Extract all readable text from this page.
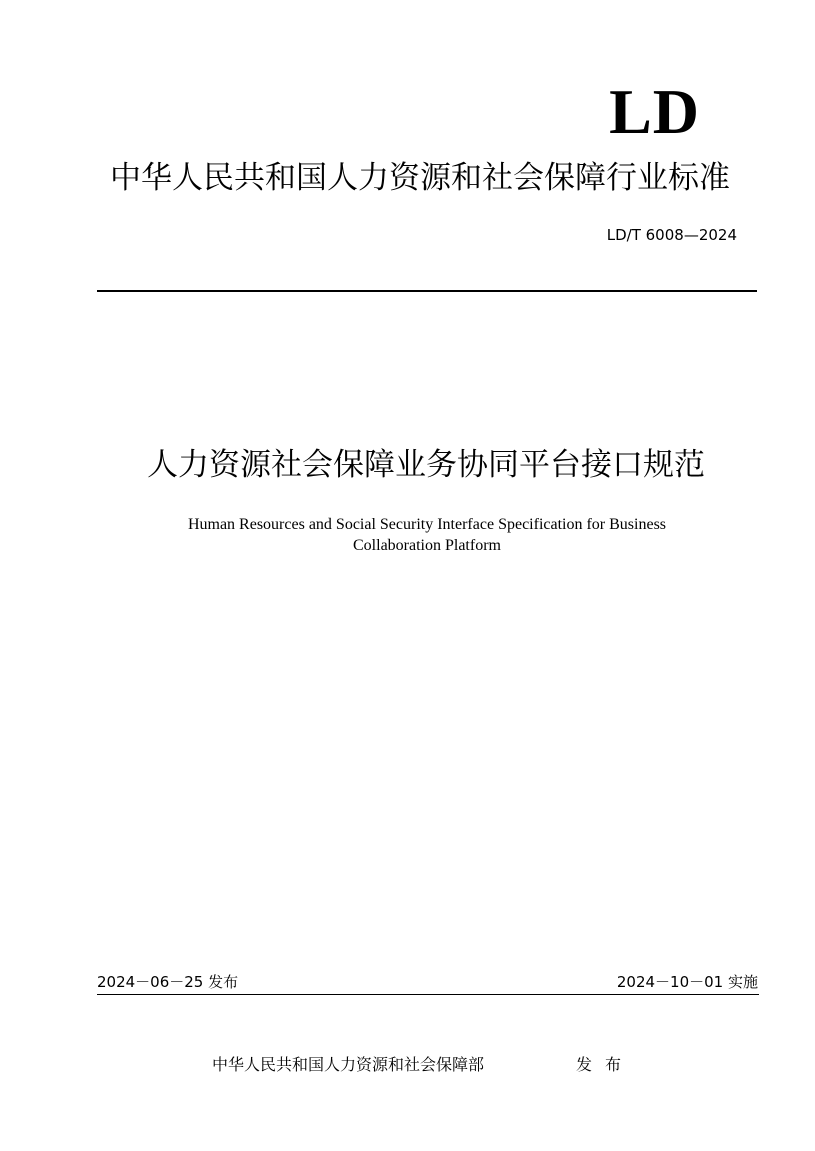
LD
中华人民共和国人力资源和社会保障行业标准
LD/T 6008—2024
人力资源社会保障业务协同平台接口规范
Human Resources and Social Security Interface Specification for Business
Collaboration Platform
2024－06－25 发布	2024－10－01 实施
中华人民共和国人力资源和社会保障部	发布
